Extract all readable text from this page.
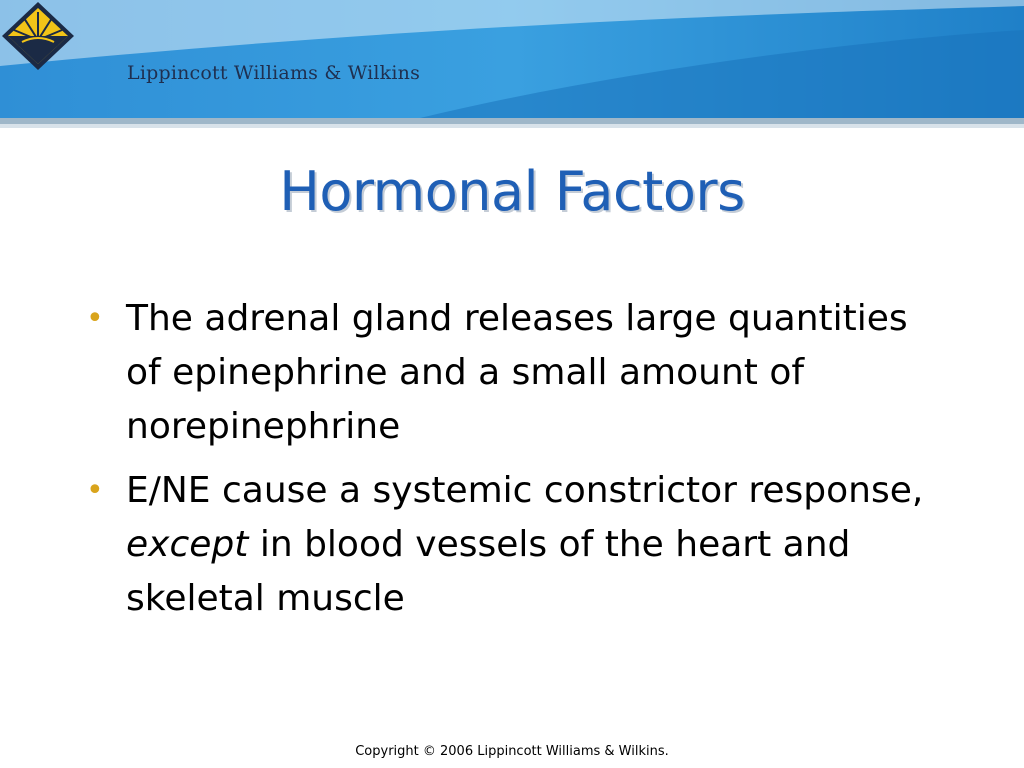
Lippincott Williams & Wilkins
Hormonal Factors
• The adrenal gland releases large quantities of epinephrine and a small amount of norepinephrine
• E/NE cause a systemic constrictor response, except in blood vessels of the heart and skeletal muscle
Copyright © 2006 Lippincott Williams & Wilkins.
